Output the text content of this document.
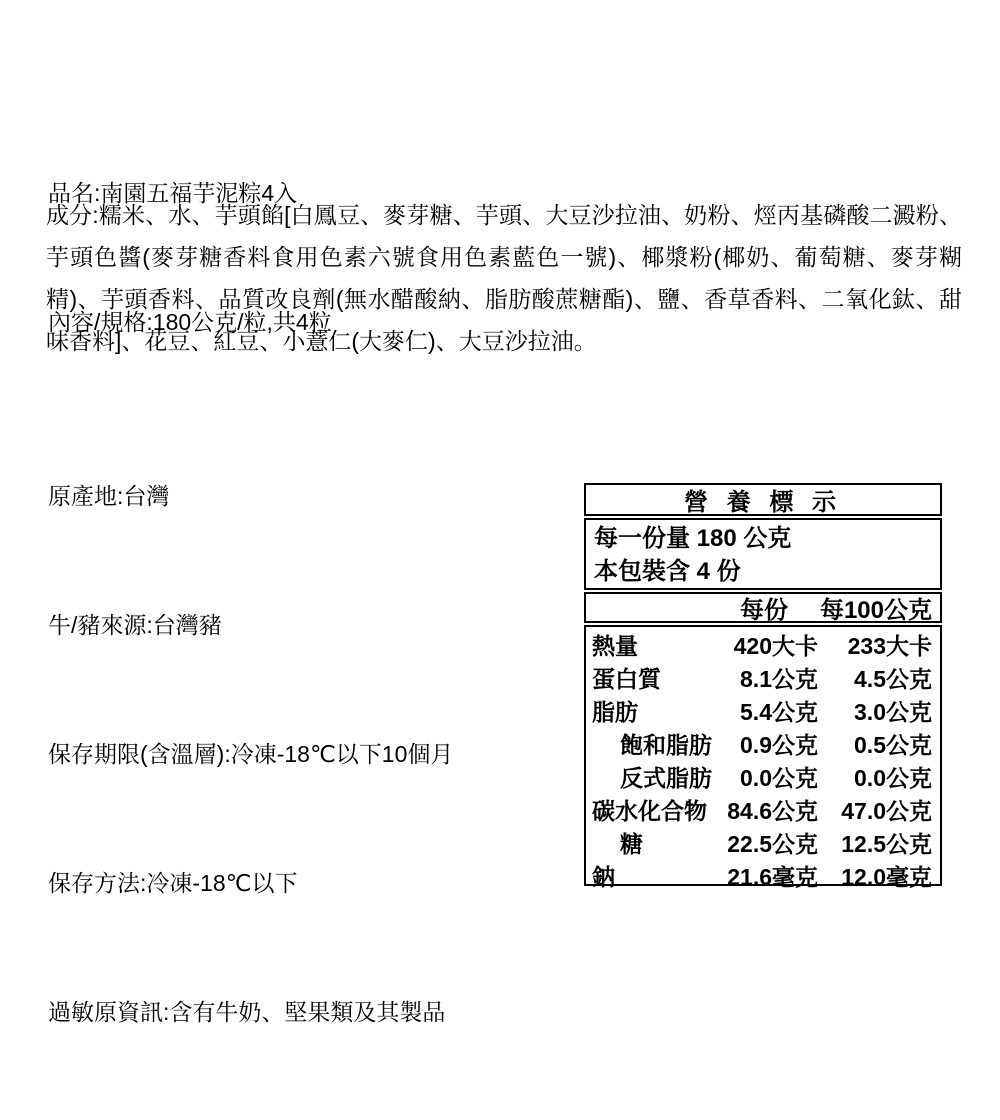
品名:南園五福芋泥粽4入

內容/規格:180公克/粒,共4粒

成分:糯米、水、芋頭餡[白鳳豆、麥芽糖、芋頭、大豆沙拉油、奶粉、烴丙基磷酸二澱粉、芋頭色醬(麥芽糖香料食用色素六號食用色素藍色一號)、椰漿粉(椰奶、葡萄糖、麥芽糊精)、芋頭香料、品質改良劑(無水醋酸納、脂肪酸蔗糖酯)、鹽、香草香料、二氧化鈦、甜味香料]、花豆、紅豆、小薏仁(大麥仁)、大豆沙拉油。

原產地:台灣

牛/豬來源:台灣豬

保存期限(含溫層):冷凍-18℃以下10個月

保存方法:冷凍-18℃以下

過敏原資訊:含有牛奶、堅果類及其製品

營 養 標 示
每一份量 180 公克
本包裝含 4 份
每份 每100公克
熱量	420大卡	233大卡
蛋白質	8.1公克	4.5公克
脂肪	5.4公克	3.0公克
飽和脂肪 0.9公克	0.5公克
反式脂肪 0.0公克	0.0公克
碳水化合物 84.6公克	47.0公克
糖	22.5公克	12.5公克
鈉	21.6毫克	12.0毫克
